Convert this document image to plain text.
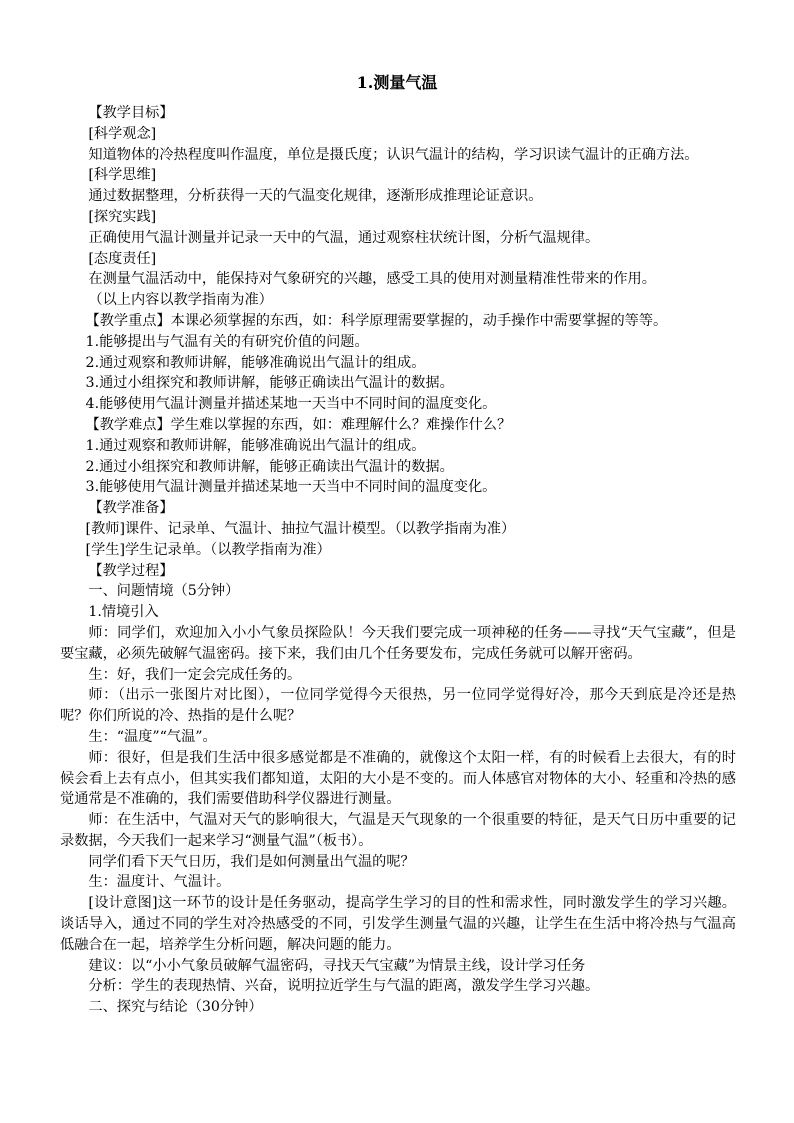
1.测量气温

【教学目标】

[科学观念]

知道物体的冷热程度叫作温度，单位是摄氏度；认识气温计的结构，学习识读气温计的正确方法。

[科学思维]

通过数据整理，分析获得一天的气温变化规律，逐渐形成推理论证意识。

[探究实践]

正确使用气温计测量并记录一天中的气温，通过观察柱状统计图，分析气温规律。

[态度责任]

在测量气温活动中，能保持对气象研究的兴趣，感受工具的使用对测量精准性带来的作用。

（以上内容以教学指南为准）

【教学重点】本课必须掌握的东西，如：科学原理需要掌握的，动手操作中需要掌握的等等。

1.能够提出与气温有关的有研究价值的问题。

2.通过观察和教师讲解，能够准确说出气温计的组成。

3.通过小组探究和教师讲解，能够正确读出气温计的数据。

4.能够使用气温计测量并描述某地一天当中不同时间的温度变化。

【教学难点】学生难以掌握的东西，如：难理解什么？难操作什么？

1.通过观察和教师讲解，能够准确说出气温计的组成。

2.通过小组探究和教师讲解，能够正确读出气温计的数据。

3.能够使用气温计测量并描述某地一天当中不同时间的温度变化。

【教学准备】

[教师]课件、记录单、气温计、抽拉气温计模型。（以教学指南为准）

[学生]学生记录单。（以教学指南为准）

【教学过程】

一、问题情境（5分钟）

1.情境引入

师：同学们，欢迎加入小小气象员探险队！今天我们要完成一项神秘的任务——寻找“天气宝藏”，但是要宝藏，必须先破解气温密码。接下来，我们由几个任务要发布，完成任务就可以解开密码。

生：好，我们一定会完成任务的。

师：（出示一张图片对比图），一位同学觉得今天很热，另一位同学觉得好冷，那今天到底是冷还是热呢？你们所说的冷、热指的是什么呢？

生：“温度”“气温”。

师：很好，但是我们生活中很多感觉都是不准确的，就像这个太阳一样，有的时候看上去很大，有的时候会看上去有点小，但其实我们都知道，太阳的大小是不变的。而人体感官对物体的大小、轻重和冷热的感觉通常是不准确的，我们需要借助科学仪器进行测量。

师：在生活中，气温对天气的影响很大，气温是天气现象的一个很重要的特征，是天气日历中重要的记录数据，今天我们一起来学习“测量气温”（板书）。

同学们看下天气日历，我们是如何测量出气温的呢？

生：温度计、气温计。

[设计意图]这一环节的设计是任务驱动，提高学生学习的目的性和需求性，同时激发学生的学习兴趣。谈话导入，通过不同的学生对冷热感受的不同，引发学生测量气温的兴趣，让学生在生活中将冷热与气温高低融合在一起，培养学生分析问题，解决问题的能力。

建议：以“小小气象员破解气温密码，寻找天气宝藏”为情景主线，设计学习任务

分析：学生的表现热情、兴奋，说明拉近学生与气温的距离，激发学生学习兴趣。

二、探究与结论（30分钟）
